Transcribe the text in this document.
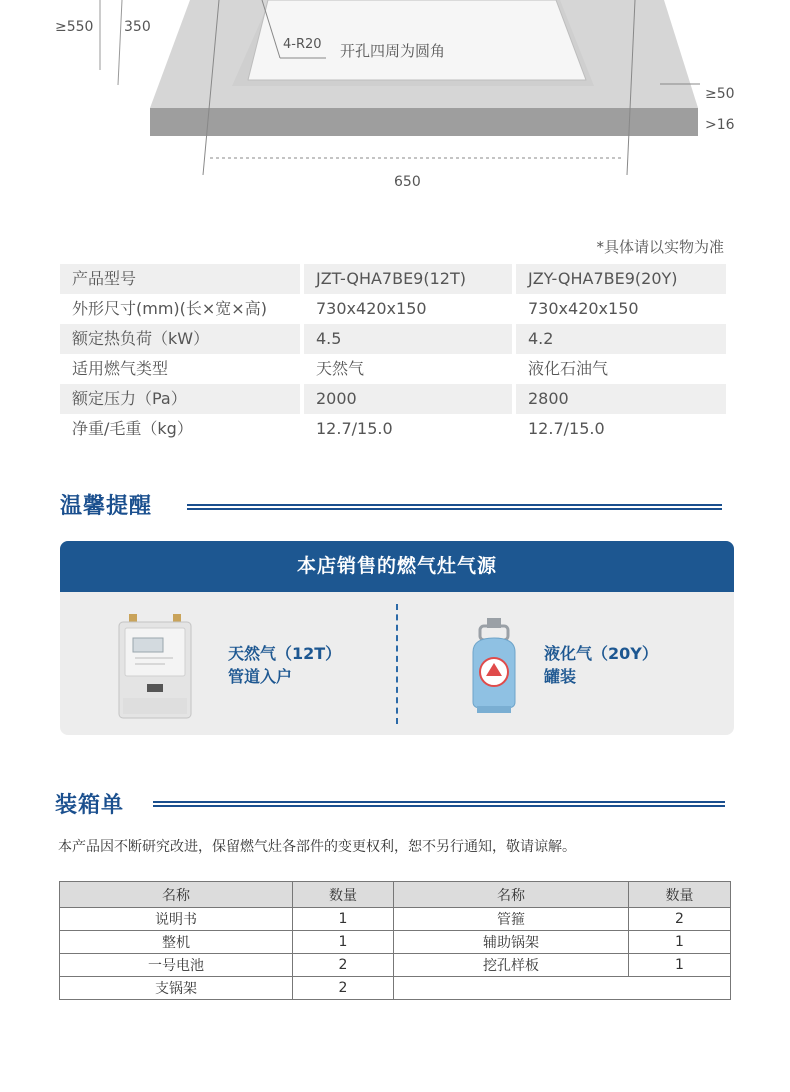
≥550 350
4-R20 开孔四周为圆角
≥50
>16
650
*具体请以实物为准
产品型号	JZT-QHA7BE9(12T)	JZY-QHA7BE9(20Y)
外形尺寸(mm)(长×宽×高)	730x420x150	730x420x150
额定热负荷（kW）	4.5	4.2
适用燃气类型	天然气	液化石油气
额定压力（Pa）	2000	2800
净重/毛重（kg）	12.7/15.0	12.7/15.0
温馨提醒
本店销售的燃气灶气源
天然气（12T）
管道入户
液化气（20Y）
罐装
装箱单
本产品因不断研究改进，保留燃气灶各部件的变更权利，恕不另行通知，敬请谅解。
名称	数量	名称	数量
说明书	1	管箍	2
整机	1	辅助锅架	1
一号电池	2	挖孔样板	1
支锅架	2		
